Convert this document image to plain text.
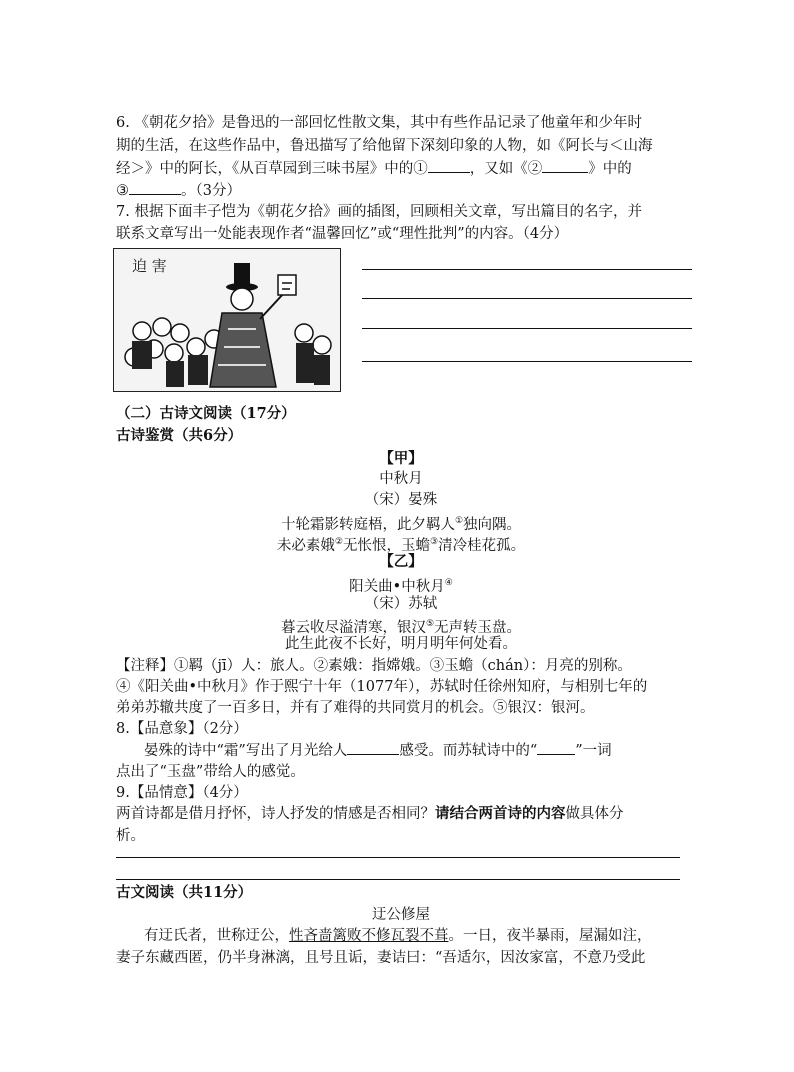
6. 《朝花夕拾》是鲁迅的一部回忆性散文集，其中有些作品记录了他童年和少年时
期的生活，在这些作品中，鲁迅描写了给他留下深刻印象的人物，如《阿长与＜山海
经＞》中的阿长，《从百草园到三味书屋》中的①	，又如《②	》中的
③	。（3分）
7. 根据下面丰子恺为《朝花夕拾》画的插图，回顾相关文章，写出篇目的名字，并
联系文章写出一处能表现作者“温馨回忆”或“理性批判”的内容。（4分）
迫 害
（二）古诗文阅读（17分）
古诗鉴赏（共6分）
【甲】
中秋月
（宋）晏殊
十轮霜影转庭梧，此夕羁人①独向隅。
未必素娥②无怅恨，玉蟾③清冷桂花孤。
【乙】
阳关曲•中秋月④
（宋）苏轼
暮云收尽溢清寒，银汉⑤无声转玉盘。
此生此夜不长好，明月明年何处看。
【注释】①羁（jī）人：旅人。②素娥：指嫦娥。③玉蟾（chán）：月亮的别称。
④《阳关曲•中秋月》作于熙宁十年（1077年），苏轼时任徐州知府，与相别七年的
弟弟苏辙共度了一百多日，并有了难得的共同赏月的机会。⑤银汉：银河。
8.【品意象】（2分）
晏殊的诗中“霜”写出了月光给人	感受。而苏轼诗中的“	”一词
点出了“玉盘”带给人的感觉。
9.【品情意】（4分）
两首诗都是借月抒怀，诗人抒发的情感是否相同？请结合两首诗的内容做具体分
析。
古文阅读（共11分）
迂公修屋
有迂氏者，世称迂公，性吝啬篱败不修瓦裂不葺。一日，夜半暴雨，屋漏如注，
妻子东藏西匿，仍半身淋漓，且号且诟，妻诘曰：“吾适尔，因汝家富，不意乃受此
